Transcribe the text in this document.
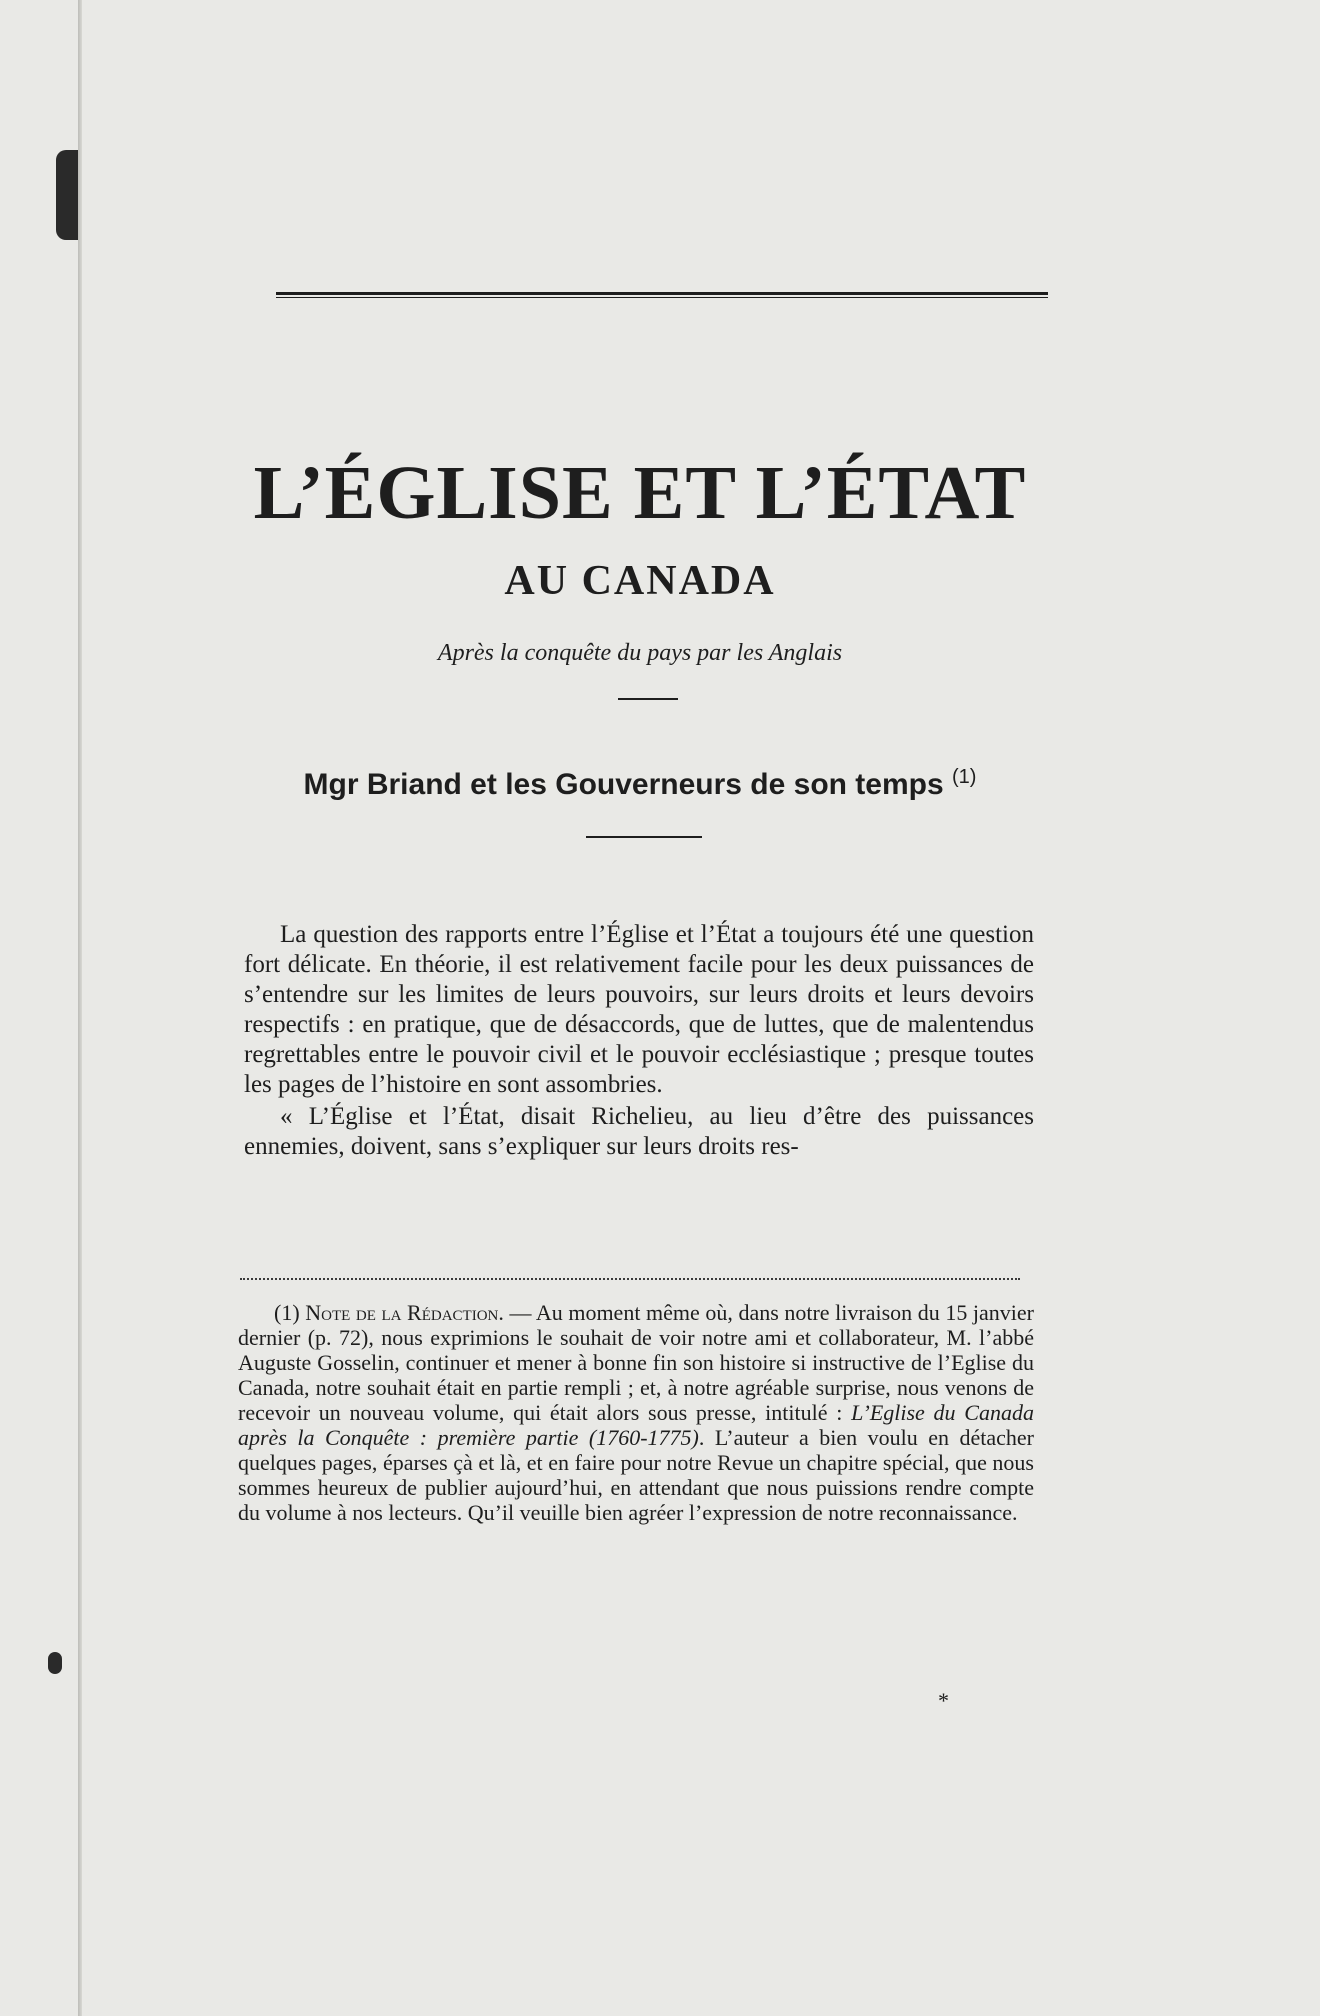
L’ÉGLISE ET L’ÉTAT
AU CANADA

Après la conquête du pays par les Anglais

Mgr Briand et les Gouverneurs de son temps $^{(1)}$

La question des rapports entre l’Église et l’État a toujours été une question fort délicate. En théorie, il est relativement facile pour les deux puissances de s’entendre sur les limites de leurs pouvoirs, sur leurs droits et leurs devoirs respectifs : en pratique, que de désaccords, que de luttes, que de malentendus regrettables entre le pouvoir civil et le pouvoir ecclésiastique ; presque toutes les pages de l’histoire en sont assombries.

« L’Église et l’État, disait Richelieu, au lieu d’être des puissances ennemies, doivent, sans s’expliquer sur leurs droits res-

(1) Note de la Rédaction. — Au moment même où, dans notre livraison du 15 janvier dernier (p. 72), nous exprimions le souhait de voir notre ami et collaborateur, M. l’abbé Auguste Gosselin, continuer et mener à bonne fin son histoire si instructive de l’Eglise du Canada, notre souhait était en partie rempli ; et, à notre agréable surprise, nous venons de recevoir un nouveau volume, qui était alors sous presse, intitulé : L’Eglise du Canada après la Conquête : première partie (1760-1775). L’auteur a bien voulu en détacher quelques pages, éparses çà et là, et en faire pour notre Revue un chapitre spécial, que nous sommes heureux de publier aujourd’hui, en attendant que nous puissions rendre compte du volume à nos lecteurs. Qu’il veuille bien agréer l’expression de notre reconnaissance.

*
